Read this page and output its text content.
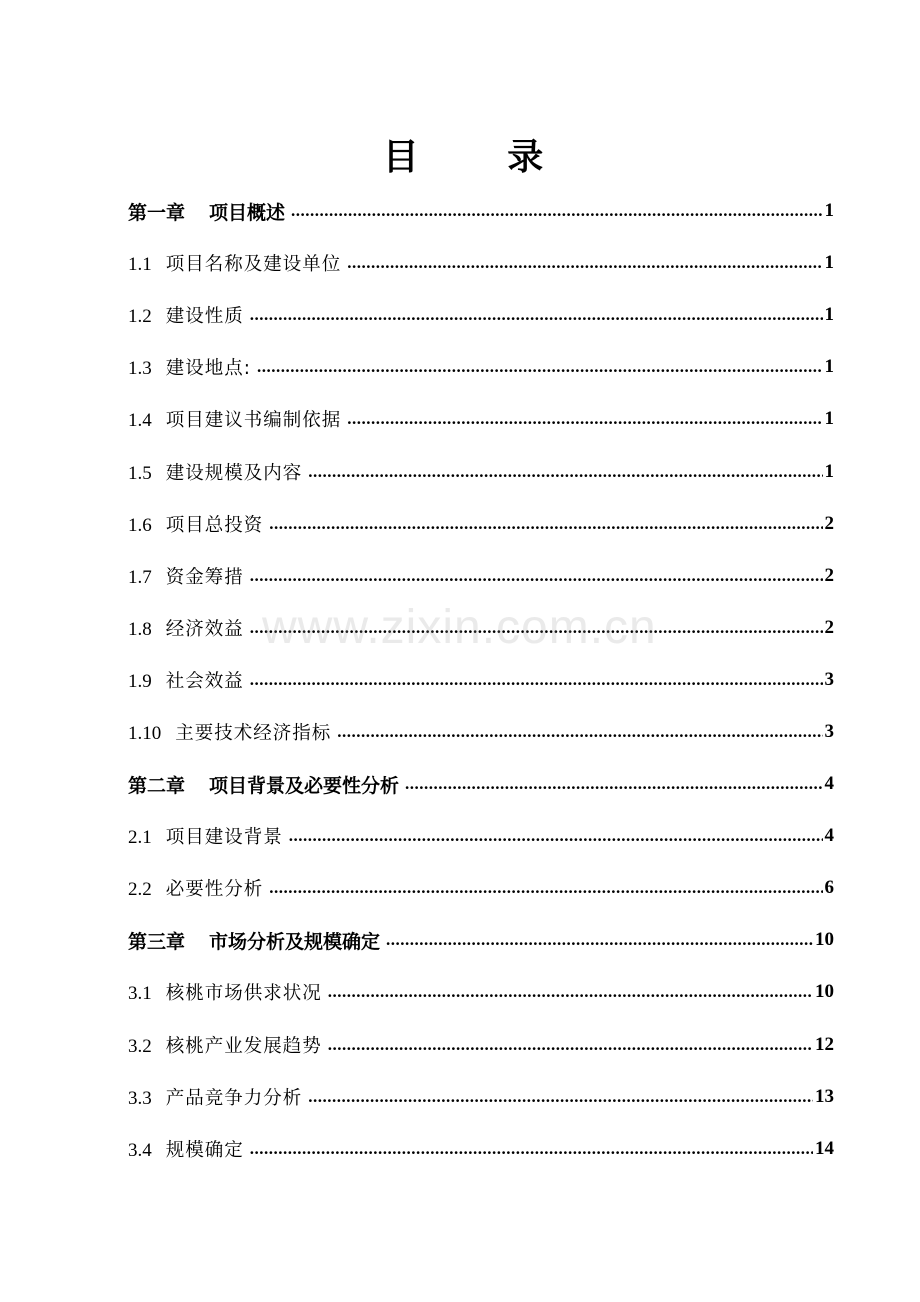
目 录
第一章 项目概述 .....	1
1.1 项目名称及建设单位 .....	1
1.2 建设性质 .....	1
1.3 建设地点: .....	1
1.4 项目建议书编制依据 .....	1
1.5 建设规模及内容 .....	1
1.6 项目总投资 .....	2
1.7 资金筹措 .....	2
1.8 经济效益 .....	2
1.9 社会效益 .....	3
1.10 主要技术经济指标 .....	3
第二章 项目背景及必要性分析 .....	4
2.1 项目建设背景 .....	4
2.2 必要性分析 .....	6
第三章 市场分析及规模确定 .....	10
3.1 核桃市场供求状况 .....	10
3.2 核桃产业发展趋势 .....	12
3.3 产品竞争力分析 .....	13
3.4 规模确定 .....	14
www.zixin.com.cn
